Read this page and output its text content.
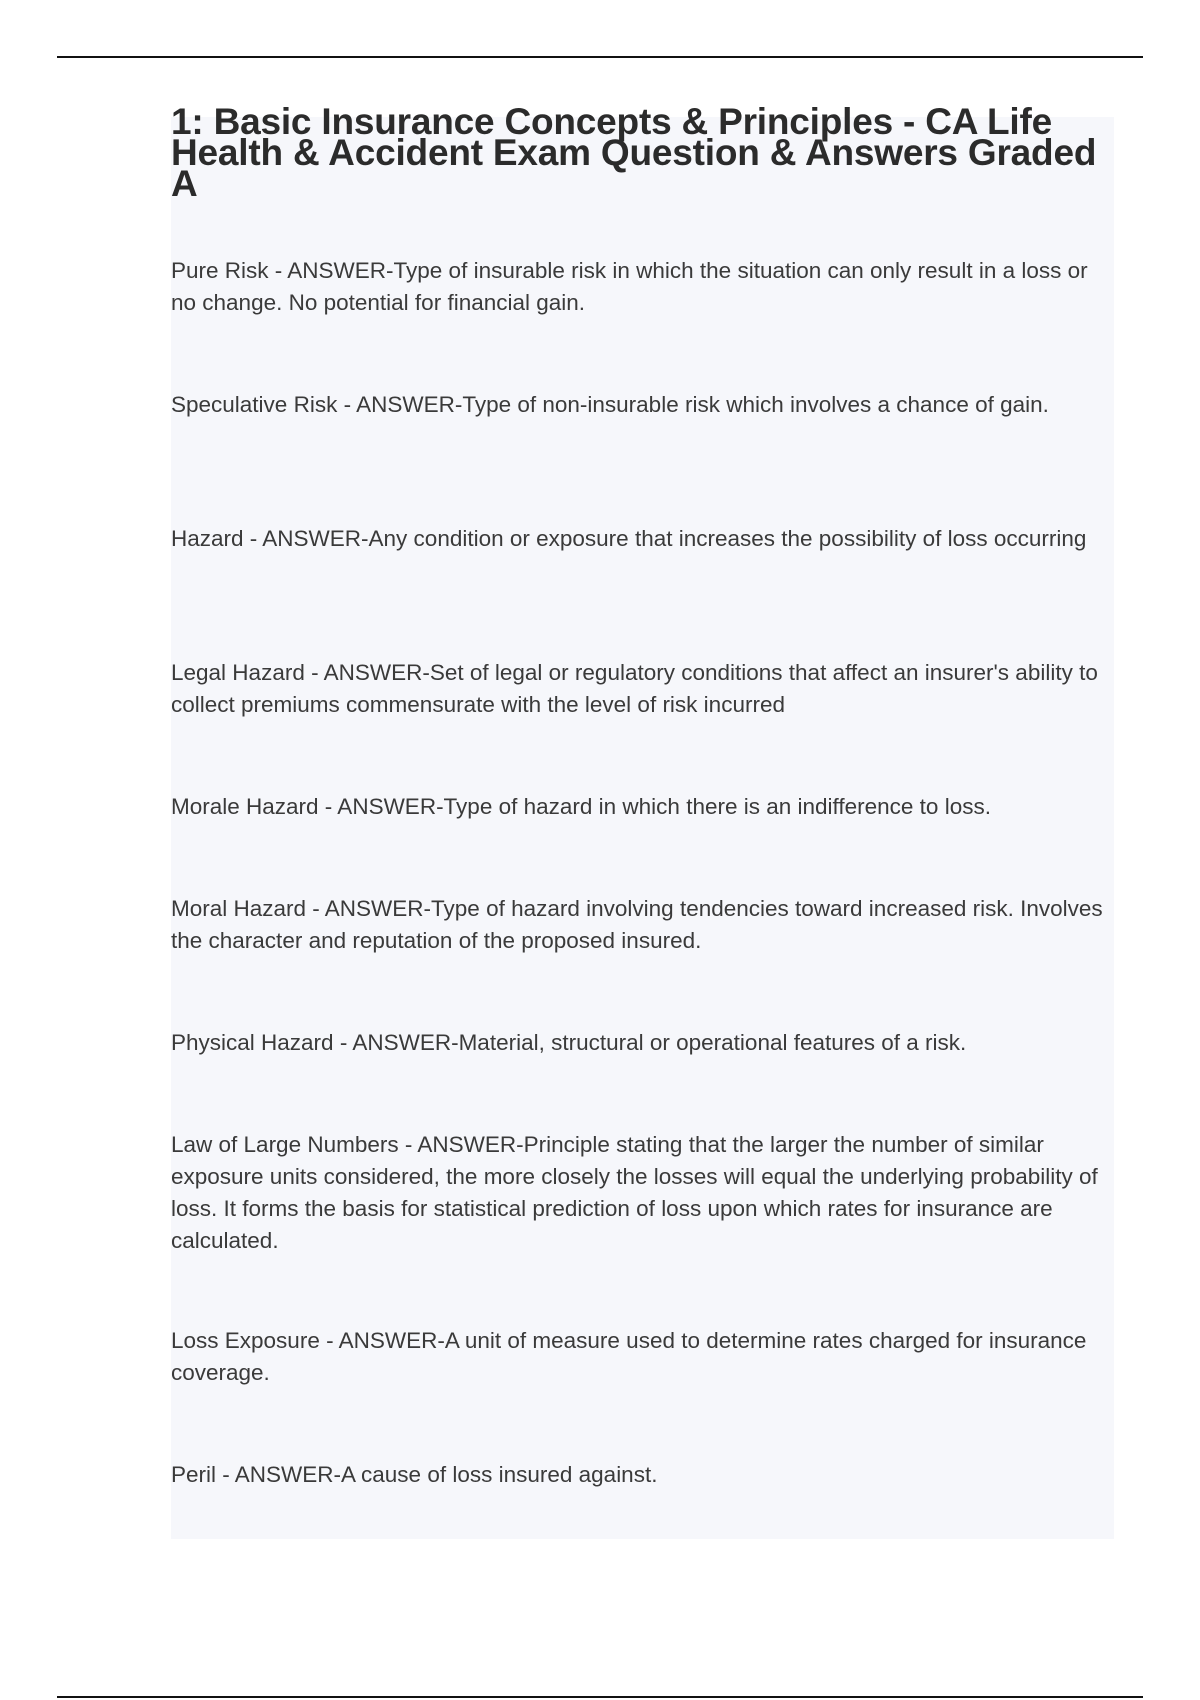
1: Basic Insurance Concepts & Principles - CA Life Health & Accident Exam Question & Answers Graded A

Pure Risk - ANSWER-Type of insurable risk in which the situation can only result in a loss or no change. No potential for financial gain.

Speculative Risk - ANSWER-Type of non-insurable risk which involves a chance of gain.

Hazard - ANSWER-Any condition or exposure that increases the possibility of loss occurring

Legal Hazard - ANSWER-Set of legal or regulatory conditions that affect an insurer's ability to collect premiums commensurate with the level of risk incurred

Morale Hazard - ANSWER-Type of hazard in which there is an indifference to loss.

Moral Hazard - ANSWER-Type of hazard involving tendencies toward increased risk. Involves the character and reputation of the proposed insured.

Physical Hazard - ANSWER-Material, structural or operational features of a risk.

Law of Large Numbers - ANSWER-Principle stating that the larger the number of similar exposure units considered, the more closely the losses will equal the underlying probability of loss. It forms the basis for statistical prediction of loss upon which rates for insurance are calculated.

Loss Exposure - ANSWER-A unit of measure used to determine rates charged for insurance coverage.

Peril - ANSWER-A cause of loss insured against.
